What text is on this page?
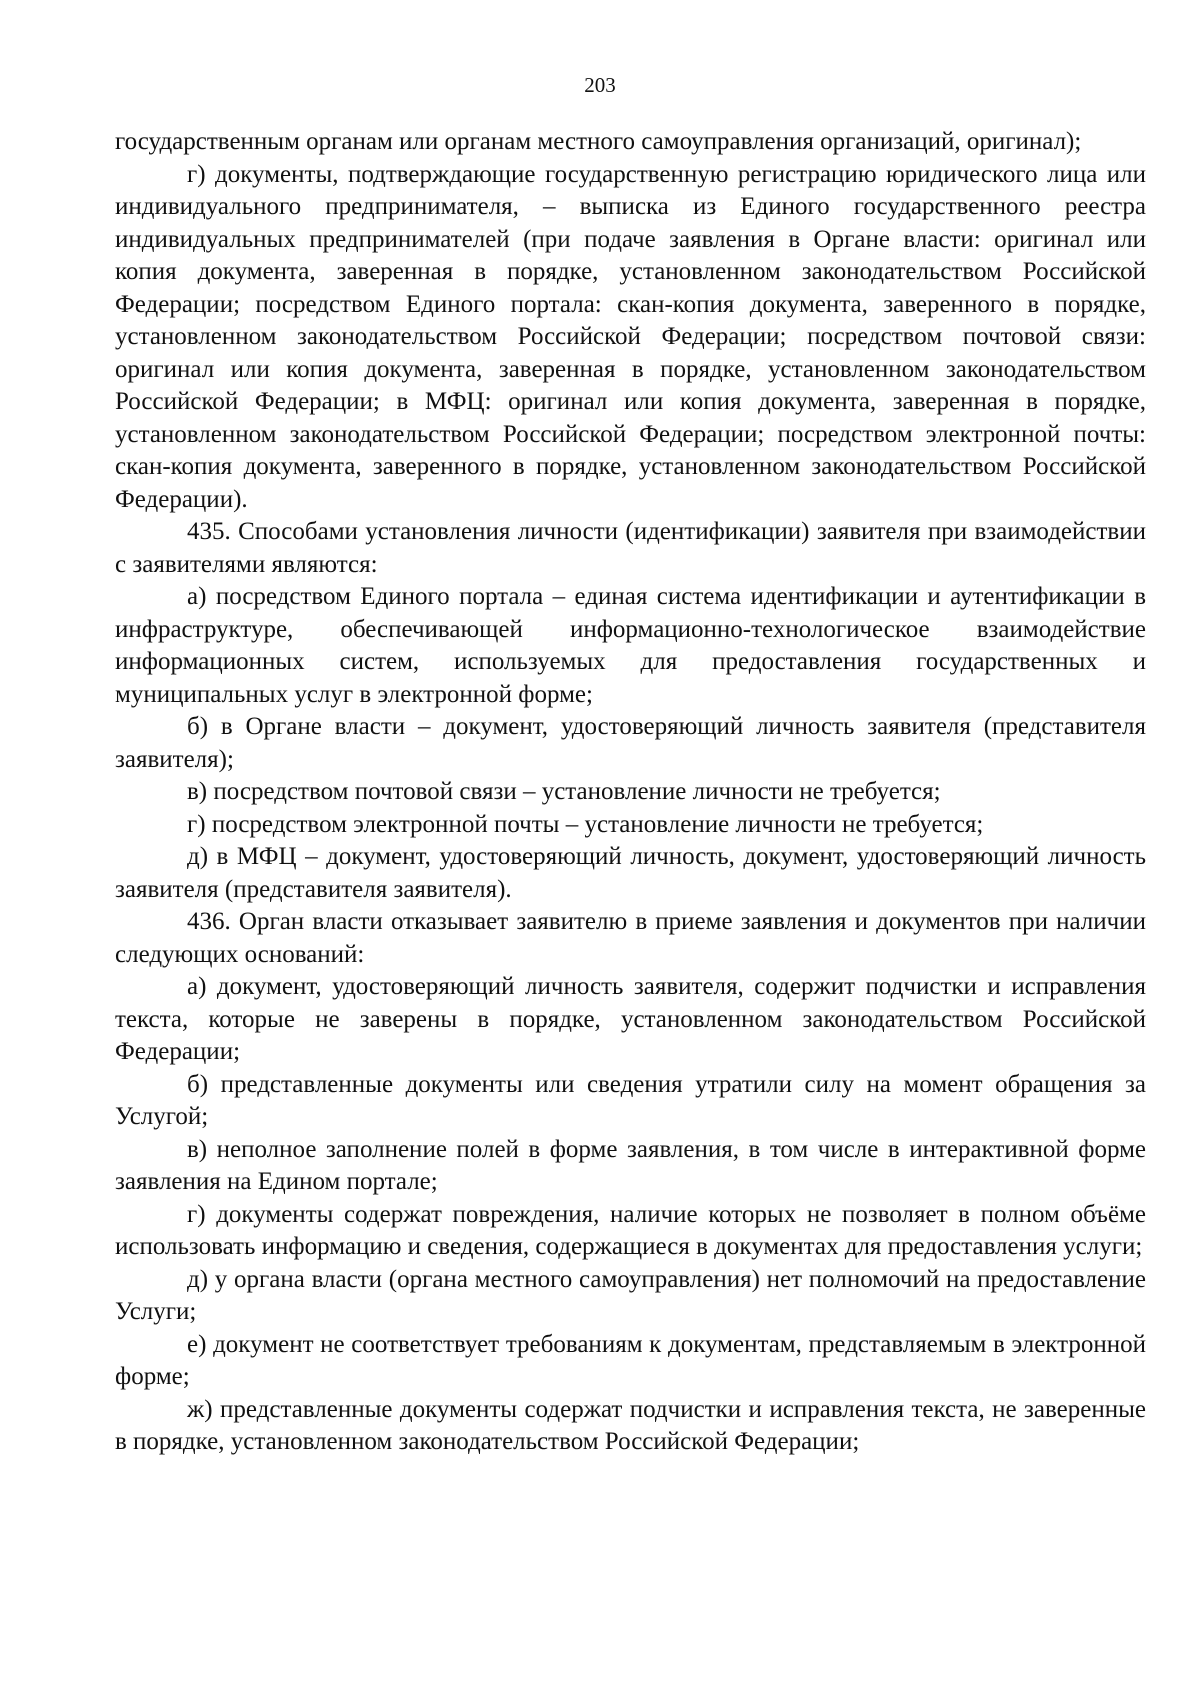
203

государственным органам или органам местного самоуправления организаций, оригинал);

г) документы, подтверждающие государственную регистрацию юридического лица или индивидуального предпринимателя, – выписка из Единого государственного реестра индивидуальных предпринимателей (при подаче заявления в Органе власти: оригинал или копия документа, заверенная в порядке, установленном законодательством Российской Федерации; посредством Единого портала: скан-копия документа, заверенного в порядке, установленном законодательством Российской Федерации; посредством почтовой связи: оригинал или копия документа, заверенная в порядке, установленном законодательством Российской Федерации; в МФЦ: оригинал или копия документа, заверенная в порядке, установленном законодательством Российской Федерации; посредством электронной почты: скан-копия документа, заверенного в порядке, установленном законодательством Российской Федерации).

435. Способами установления личности (идентификации) заявителя при взаимодействии с заявителями являются:

а) посредством Единого портала – единая система идентификации и аутентификации в инфраструктуре, обеспечивающей информационно-технологическое взаимодействие информационных систем, используемых для предоставления государственных и муниципальных услуг в электронной форме;

б) в Органе власти – документ, удостоверяющий личность заявителя (представителя заявителя);

в) посредством почтовой связи – установление личности не требуется;

г) посредством электронной почты – установление личности не требуется;

д) в МФЦ – документ, удостоверяющий личность, документ, удостоверяющий личность заявителя (представителя заявителя).

436. Орган власти отказывает заявителю в приеме заявления и документов при наличии следующих оснований:

а) документ, удостоверяющий личность заявителя, содержит подчистки и исправления текста, которые не заверены в порядке, установленном законодательством Российской Федерации;

б) представленные документы или сведения утратили силу на момент обращения за Услугой;

в) неполное заполнение полей в форме заявления, в том числе в интерактивной форме заявления на Едином портале;

г) документы содержат повреждения, наличие которых не позволяет в полном объёме использовать информацию и сведения, содержащиеся в документах для предоставления услуги;

д) у органа власти (органа местного самоуправления) нет полномочий на предоставление Услуги;

е) документ не соответствует требованиям к документам, представляемым в электронной форме;

ж) представленные документы содержат подчистки и исправления текста, не заверенные в порядке, установленном законодательством Российской Федерации;
